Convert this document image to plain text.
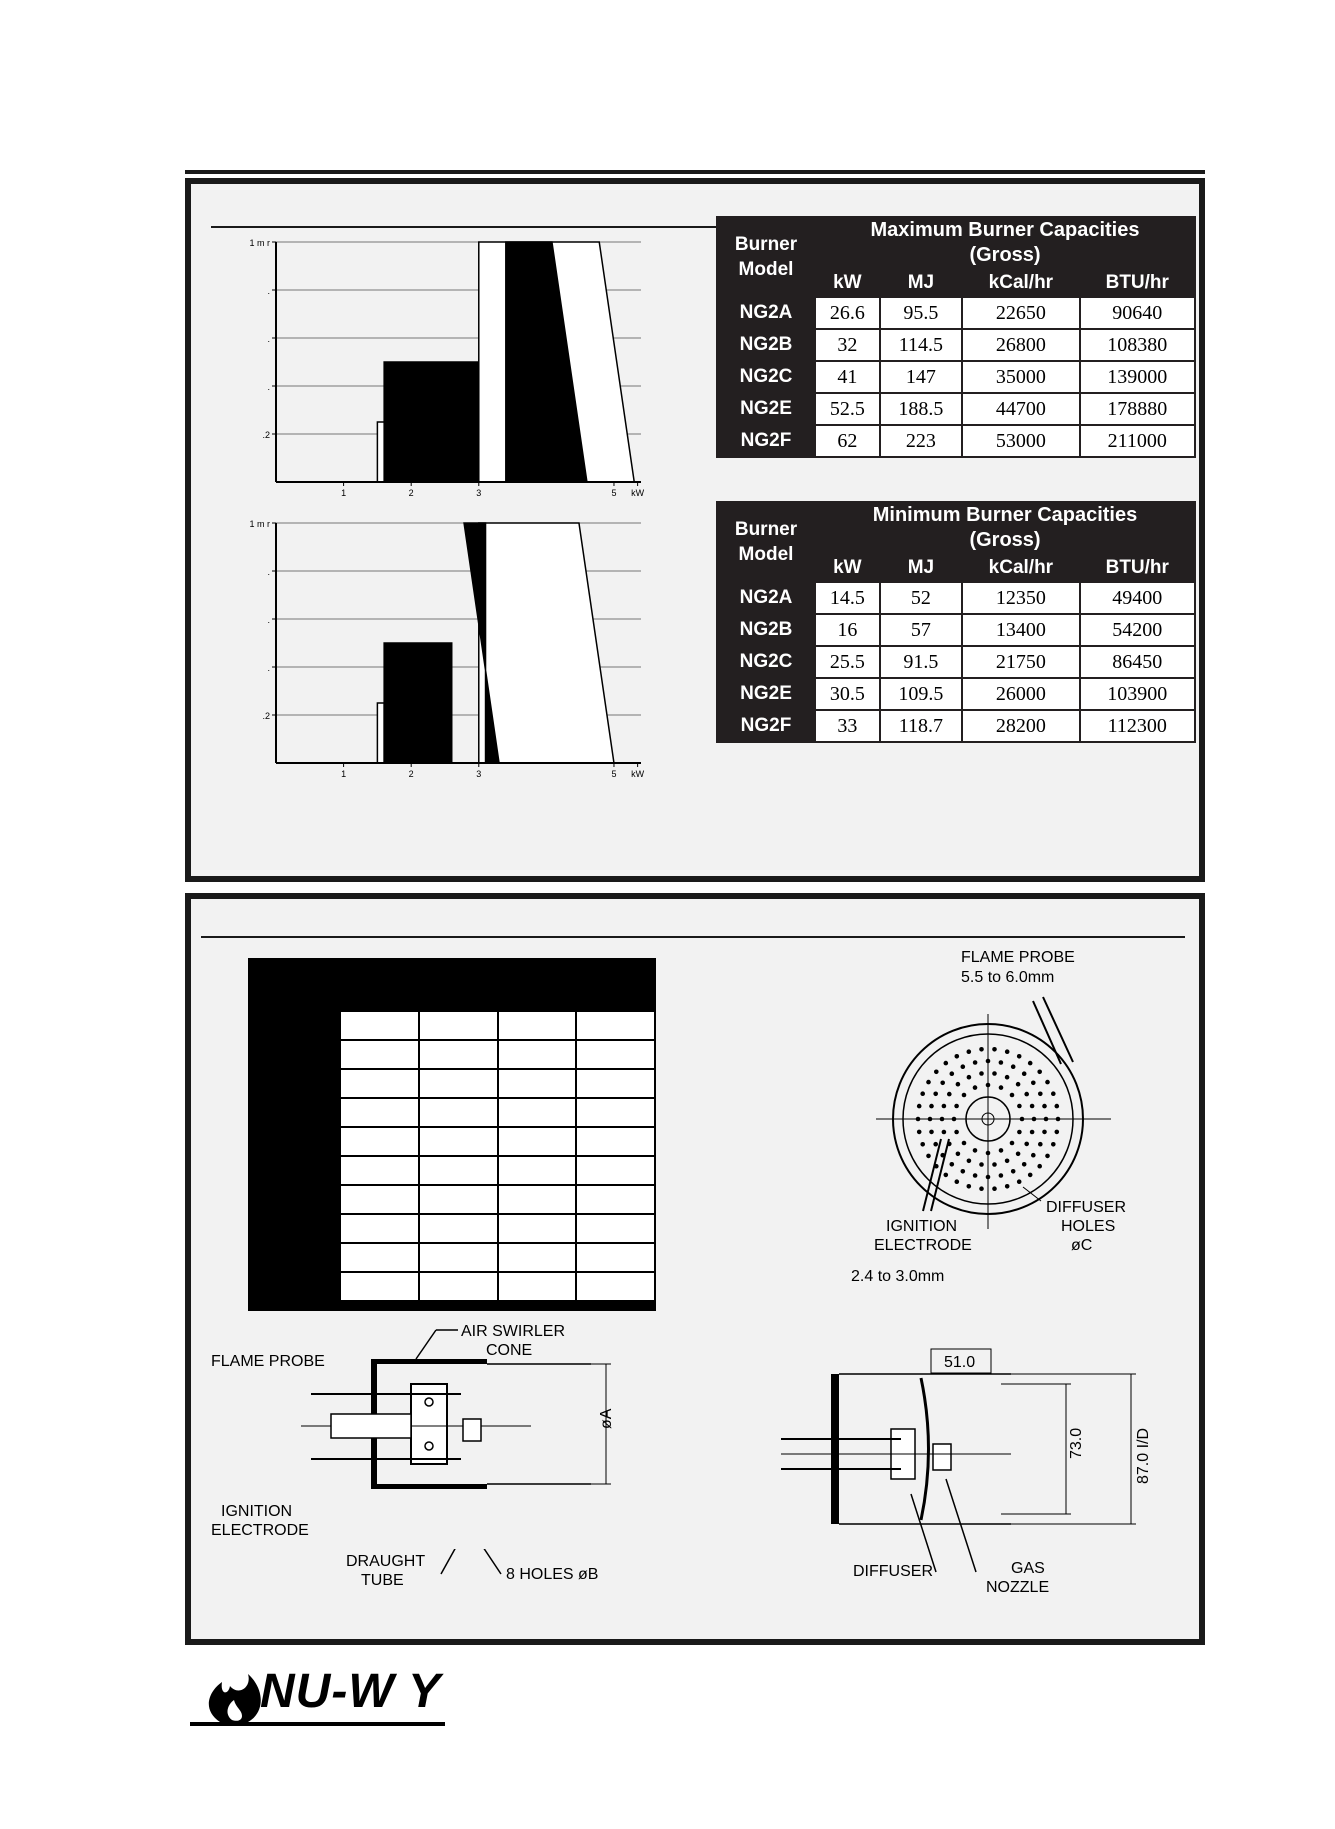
1 m r
.
.
.
.2
1	2	3	5 kW
1 m r
.
.
.
.2
1	2	3	5 kW
Burner
Model	Maximum Burner Capacities
(Gross)			
	kW	MJ	kCal/hr	BTU/hr
NG2A	26.6	95.5	22650	90640
NG2B	32	114.5	26800	108380
NG2C	41	147	35000	139000
NG2E	52.5	188.5	44700	178880
NG2F	62	223	53000	211000
Burner
Model	Minimum Burner Capacities
(Gross)			
	kW	MJ	kCal/hr	BTU/hr
NG2A	14.5	52	12350	49400
NG2B	16	57	13400	54200
NG2C	25.5	91.5	21750	86450
NG2E	30.5	109.5	26000	103900
NG2F	33	118.7	28200	112300

FLAME PROBE
5.5 to 6.0mm
DIFFUSER
HOLES
øC
IGNITION
ELECTRODE
2.4 to 3.0mm
AIR SWIRLER
CONE
øA
FLAME PROBE
IGNITION
ELECTRODE
DRAUGHT
TUBE	8 HOLES øB
51.0
73.0	87.0 I/D
DIFFUSER	GAS
NOZZLE
NU-W Y
